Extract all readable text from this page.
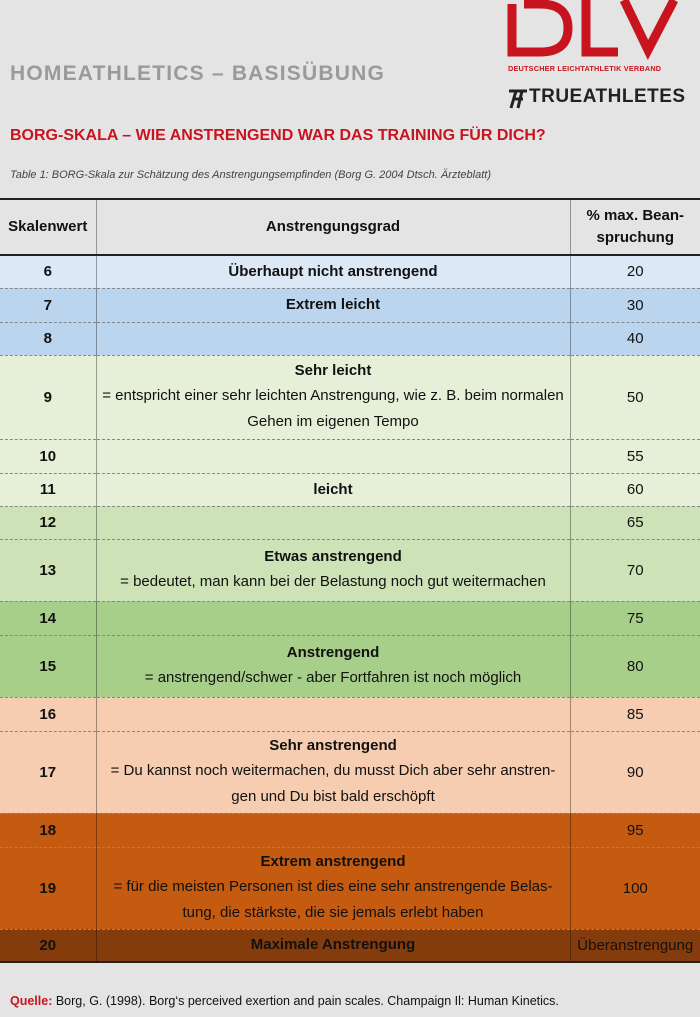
HOMEATHLETICS – BASISÜBUNG	DEUTSCHER LEICHTATHLETIK VERBAND
TRUEATHLETES
BORG-SKALA – WIE ANSTRENGEND WAR DAS TRAINING FÜR DICH?
Table 1: BORG-Skala zur Schätzung des Anstrengungsempfinden (Borg G. 2004 Dtsch. Ärzteblatt)
Skalenwert	Anstrengungsgrad	% max. Bean-
spruchung

6	Überhaupt nicht anstrengend	20
7	Extrem leicht	30
8		40
9	Sehr leicht
= entspricht einer sehr leichten Anstrengung, wie z. B. beim normalen
Gehen im eigenen Tempo	50
10		55
11	leicht	60
12		65
13	Etwas anstrengend
= bedeutet, man kann bei der Belastung noch gut weitermachen	70
14		75
15	Anstrengend
= anstrengend/schwer - aber Fortfahren ist noch möglich	80
16		85
17	Sehr anstrengend
= Du kannst noch weitermachen, du musst Dich aber sehr anstren-
gen und Du bist bald erschöpft	90
18		95
19	Extrem anstrengend
= für die meisten Personen ist dies eine sehr anstrengende Belas-
tung, die stärkste, die sie jemals erlebt haben	100
20	Maximale Anstrengung	Überanstrengung
Quelle: Borg, G. (1998). Borg‘s perceived exertion and pain scales. Champaign Il: Human Kinetics.
